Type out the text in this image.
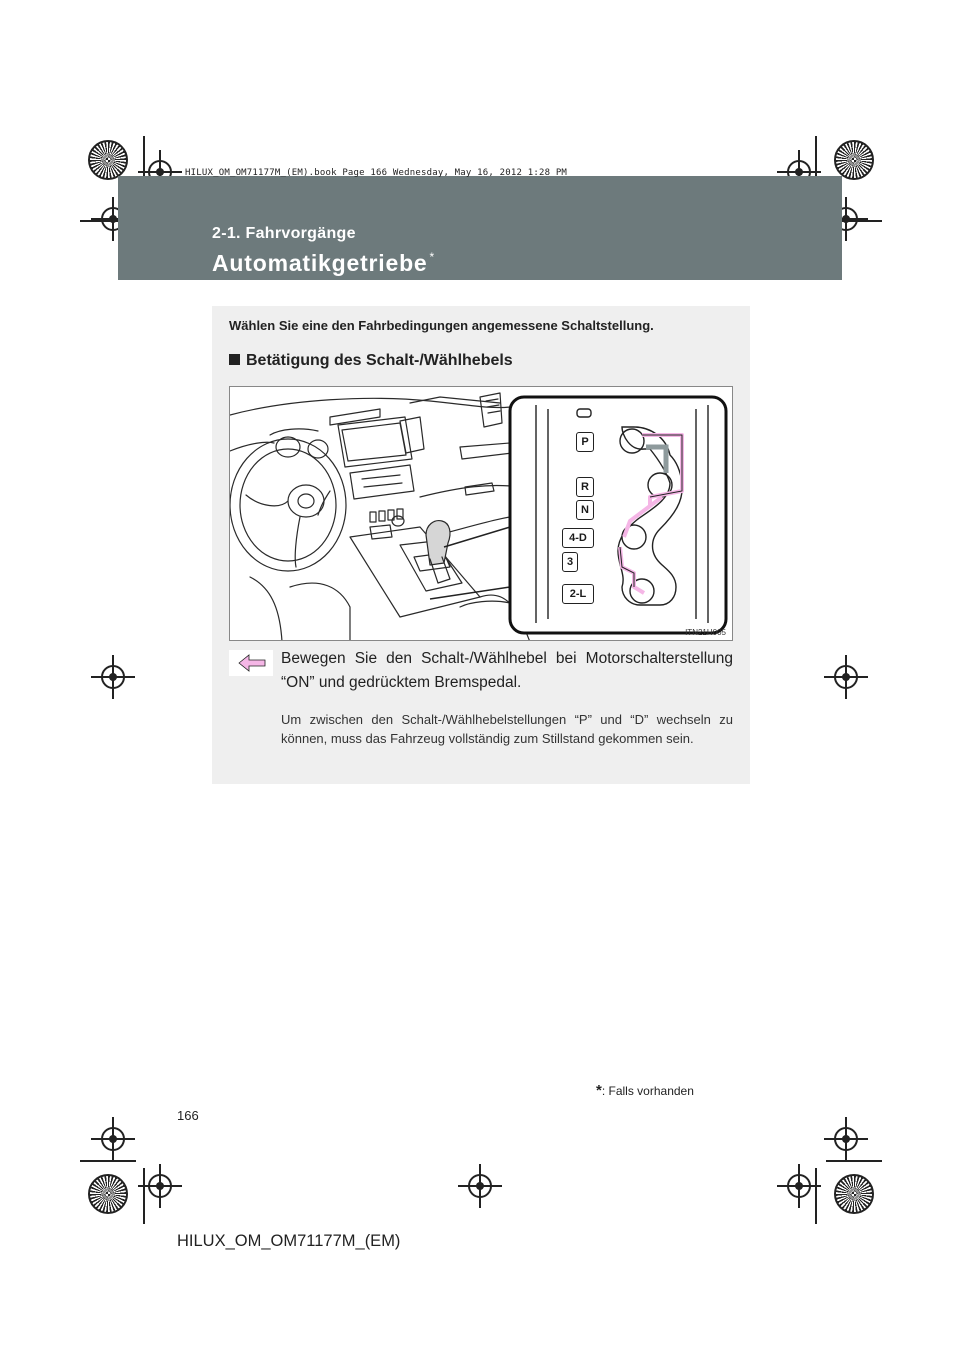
HILUX_OM_OM71177M_(EM).book Page 166 Wednesday, May 16, 2012 1:28 PM
2-1. Fahrvorgänge
Automatikgetriebe *
Wählen Sie eine den Fahrbedingungen angemessene Schaltstellung.
Betätigung des Schalt-/Wählhebels
P
R
N
4-D
3
2-L
ITN21H005
Bewegen Sie den Schalt-/Wählhebel bei Motorschalterstellung “ON” und gedrücktem Bremspedal.
Um zwischen den Schalt-/Wählhebelstellungen “P” und “D” wechseln zu können, muss das Fahrzeug vollständig zum Stillstand gekommen sein.
*: Falls vorhanden
166
HILUX_OM_OM71177M_(EM)
